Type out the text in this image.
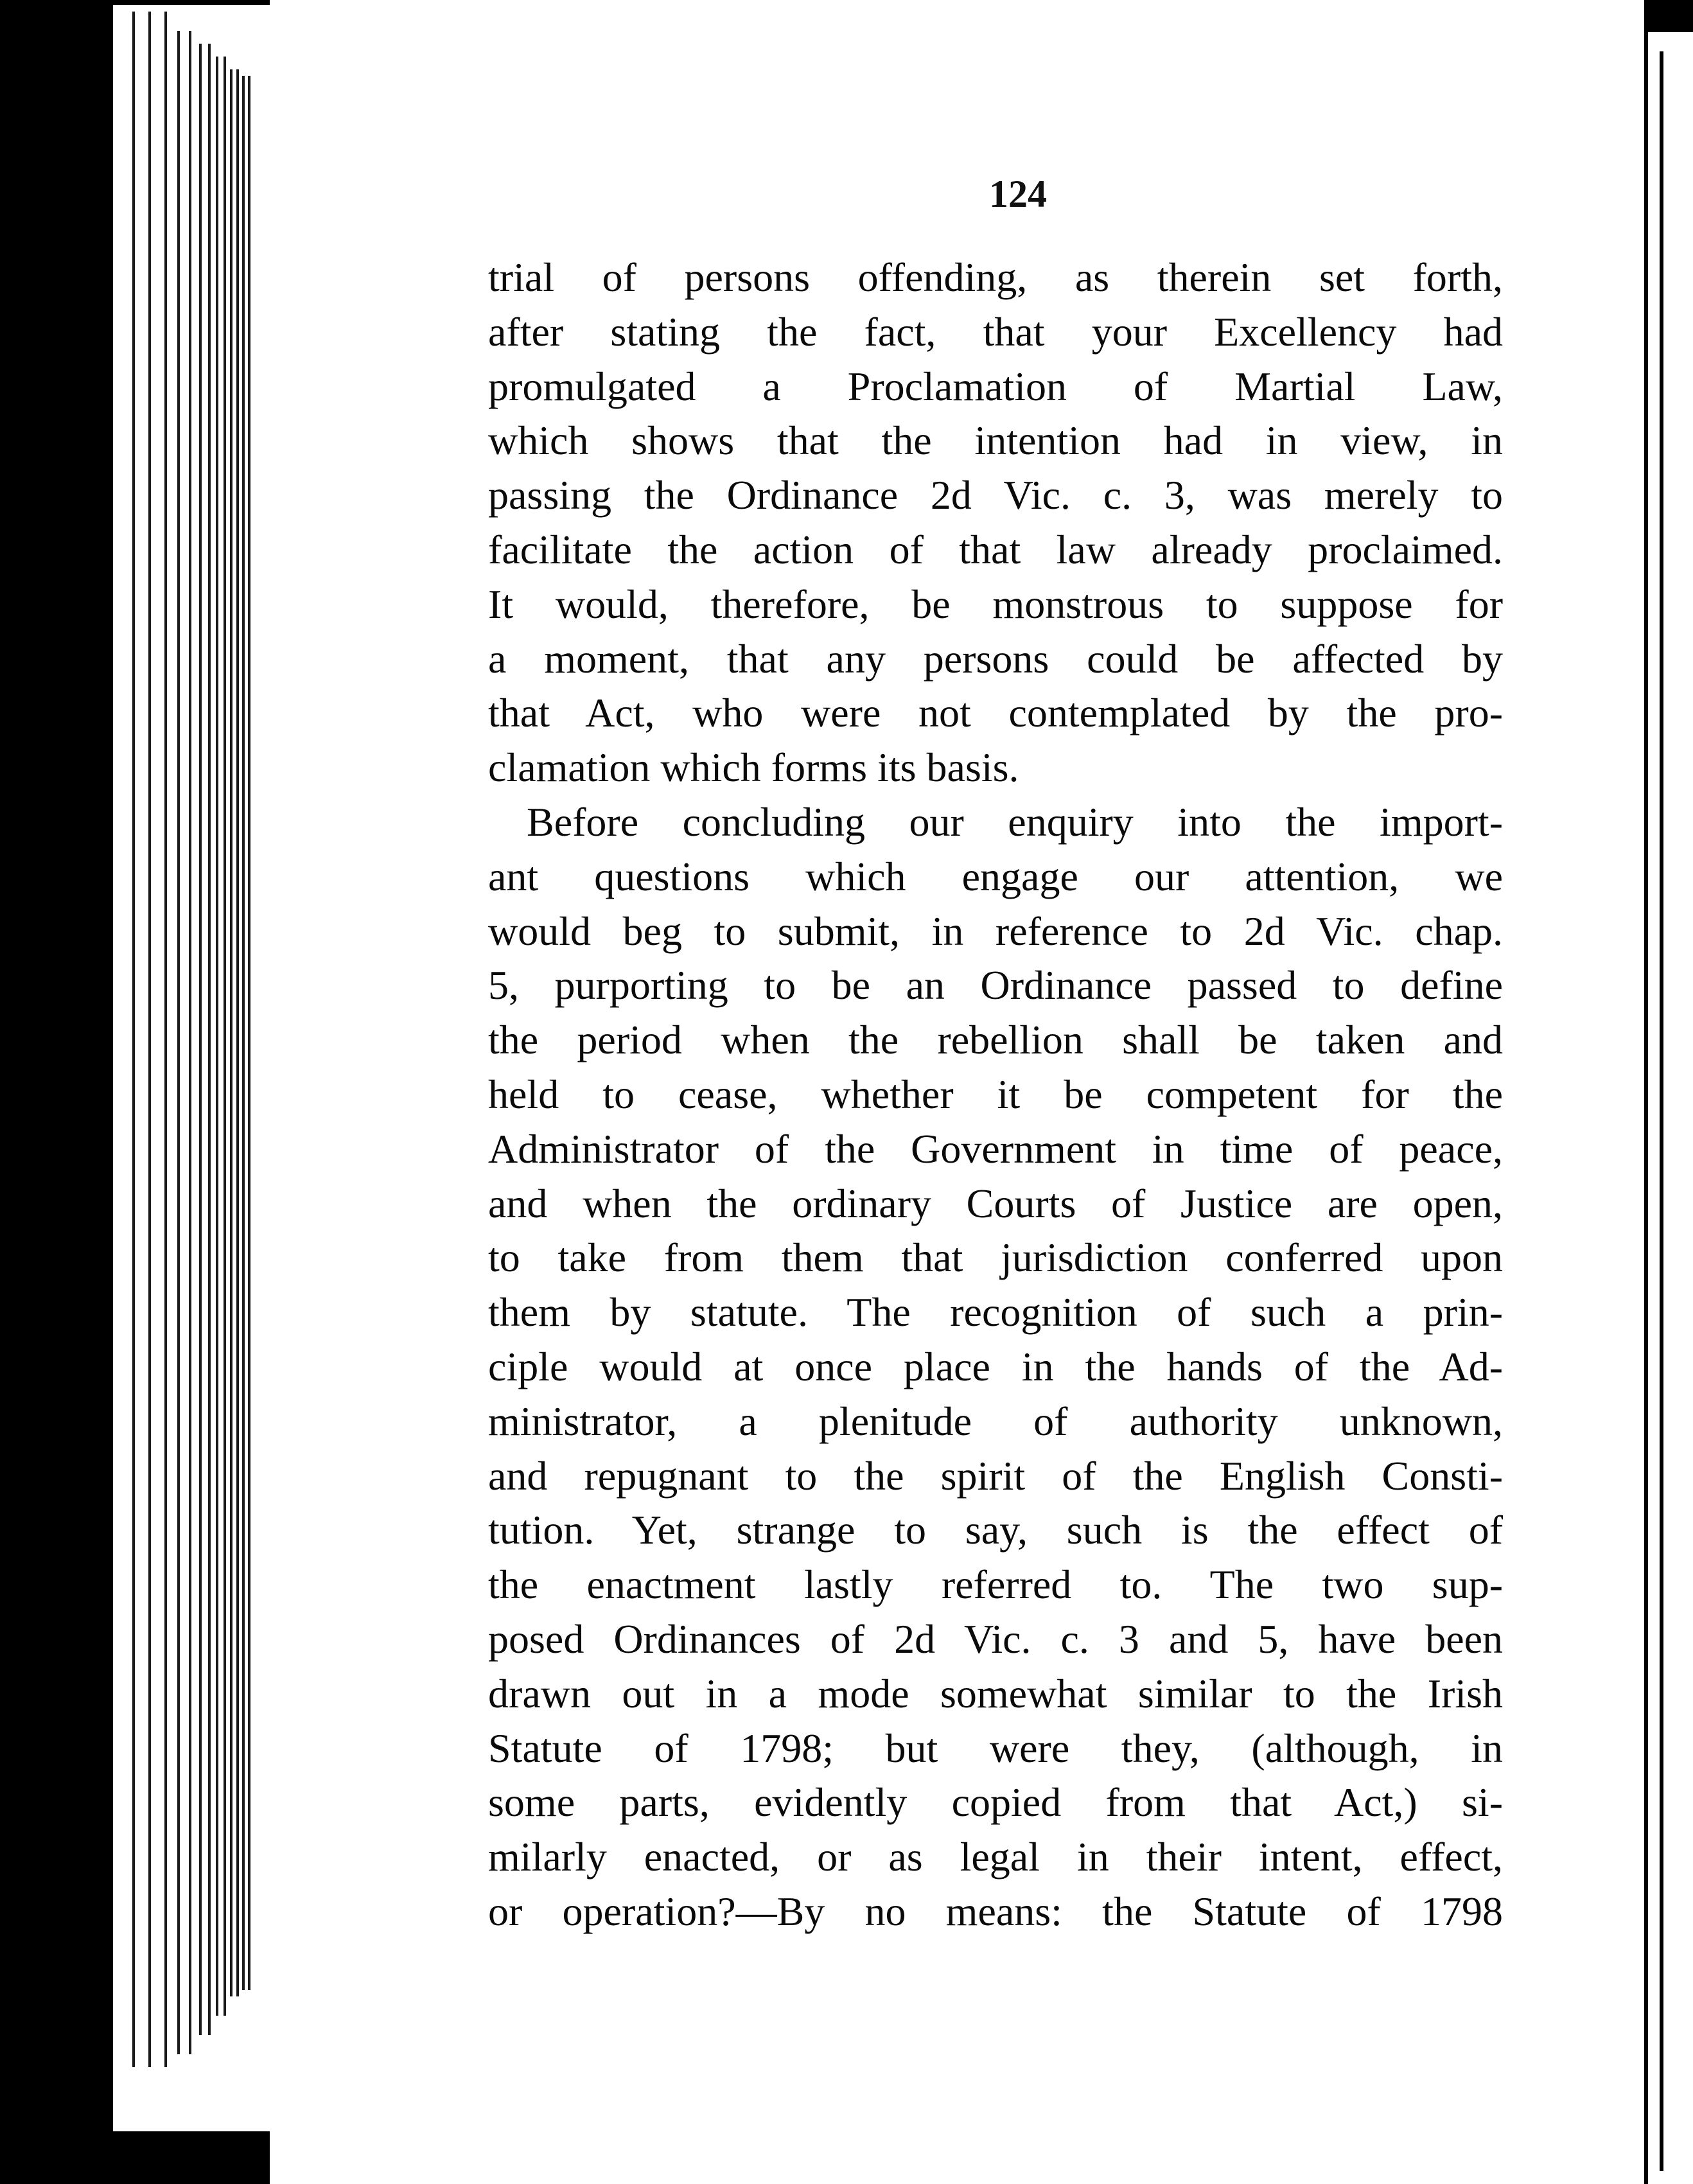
124
♦
∖
trial of persons offending, as therein set forth,
after stating the fact, that your Excellency had
promulgated a Proclamation of Martial Law,
which shows that the intention had in view, in
passing the Ordinance 2d Vic. c. 3, was merely to
facilitate the action of that law already proclaimed.
It would, therefore, be monstrous to suppose for
a moment, that any persons could be affected by
that Act, who were not contemplated by the pro-
clamation which forms its basis.
Before concluding our enquiry into the import-
ant questions which engage our attention, we
would beg to submit, in reference to 2d Vic. chap.
5, purporting to be an Ordinance passed to define
the period when the rebellion shall be taken and
held to cease, whether it be competent for the
Administrator of the Government in time of peace,
and when the ordinary Courts of Justice are open,
to take from them that jurisdiction conferred upon
them by statute. The recognition of such a prin-
ciple would at once place in the hands of the Ad-
ministrator, a plenitude of authority unknown,
and repugnant to the spirit of the English Consti-
tution. Yet, strange to say, such is the effect of
the enactment lastly referred to. The two sup-
posed Ordinances of 2d Vic. c. 3 and 5, have been
drawn out in a mode somewhat similar to the Irish
Statute of 1798; but were they, (although, in
some parts, evidently copied from that Act,) si-
milarly enacted, or as legal in their intent, effect,
or operation?—By no means: the Statute of 1798
